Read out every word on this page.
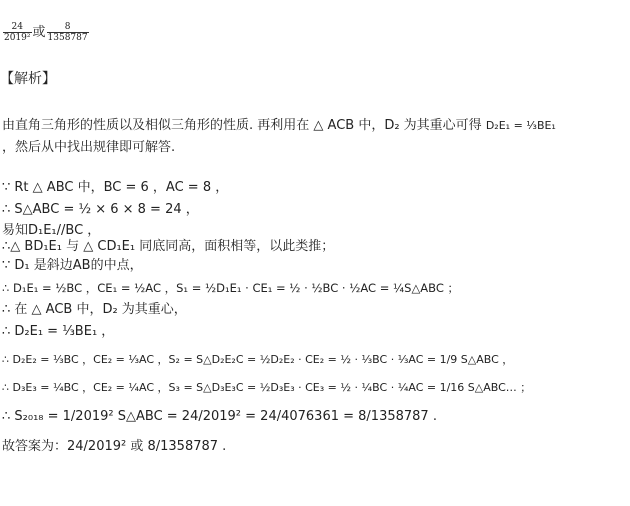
$\frac{24}{\text{2019²}}$ 或 $\frac{8}{1358787}$
【解析】
由直角三角形的性质以及相似三角形的性质. 再利用在 △ ACB 中，D₂ 为其重心可得 D₂E₁ = ⅓BE₁
，然后从中找出规律即可解答.
∵ Rt △ ABC 中，BC = 6 ，AC = 8 ，
∴ S△ABC = ½ × 6 × 8 = 24 ，
易知D₁E₁//BC ，
∴△ BD₁E₁ 与 △ CD₁E₁ 同底同高，面积相等，以此类推；
∵ D₁ 是斜边AB的中点，
∴ D₁E₁ = ½BC ，CE₁ = ½AC ，S₁ = ½D₁E₁ · CE₁ = ½ · ½BC · ½AC = ¼S△ABC ；
∴ 在 △ ACB 中，D₂ 为其重心，
∴ D₂E₁ = ⅓BE₁ ，
∴ D₂E₂ = ⅓BC ，CE₂ = ⅓AC ，S₂ = S△D₂E₂C = ½D₂E₂ · CE₂ = ½ · ⅓BC · ⅓AC = 1/9 S△ABC ，
∴ D₃E₃ = ¼BC ，CE₂ = ¼AC ，S₃ = S△D₃E₃C = ½D₃E₃ · CE₃ = ½ · ¼BC · ¼AC = 1/16 S△ABC… ；
∴ S₂₀₁₈ = 1/2019² S△ABC = 24/2019² = 24/4076361 = 8/1358787 .
故答案为：24/2019² 或 8/1358787 .
